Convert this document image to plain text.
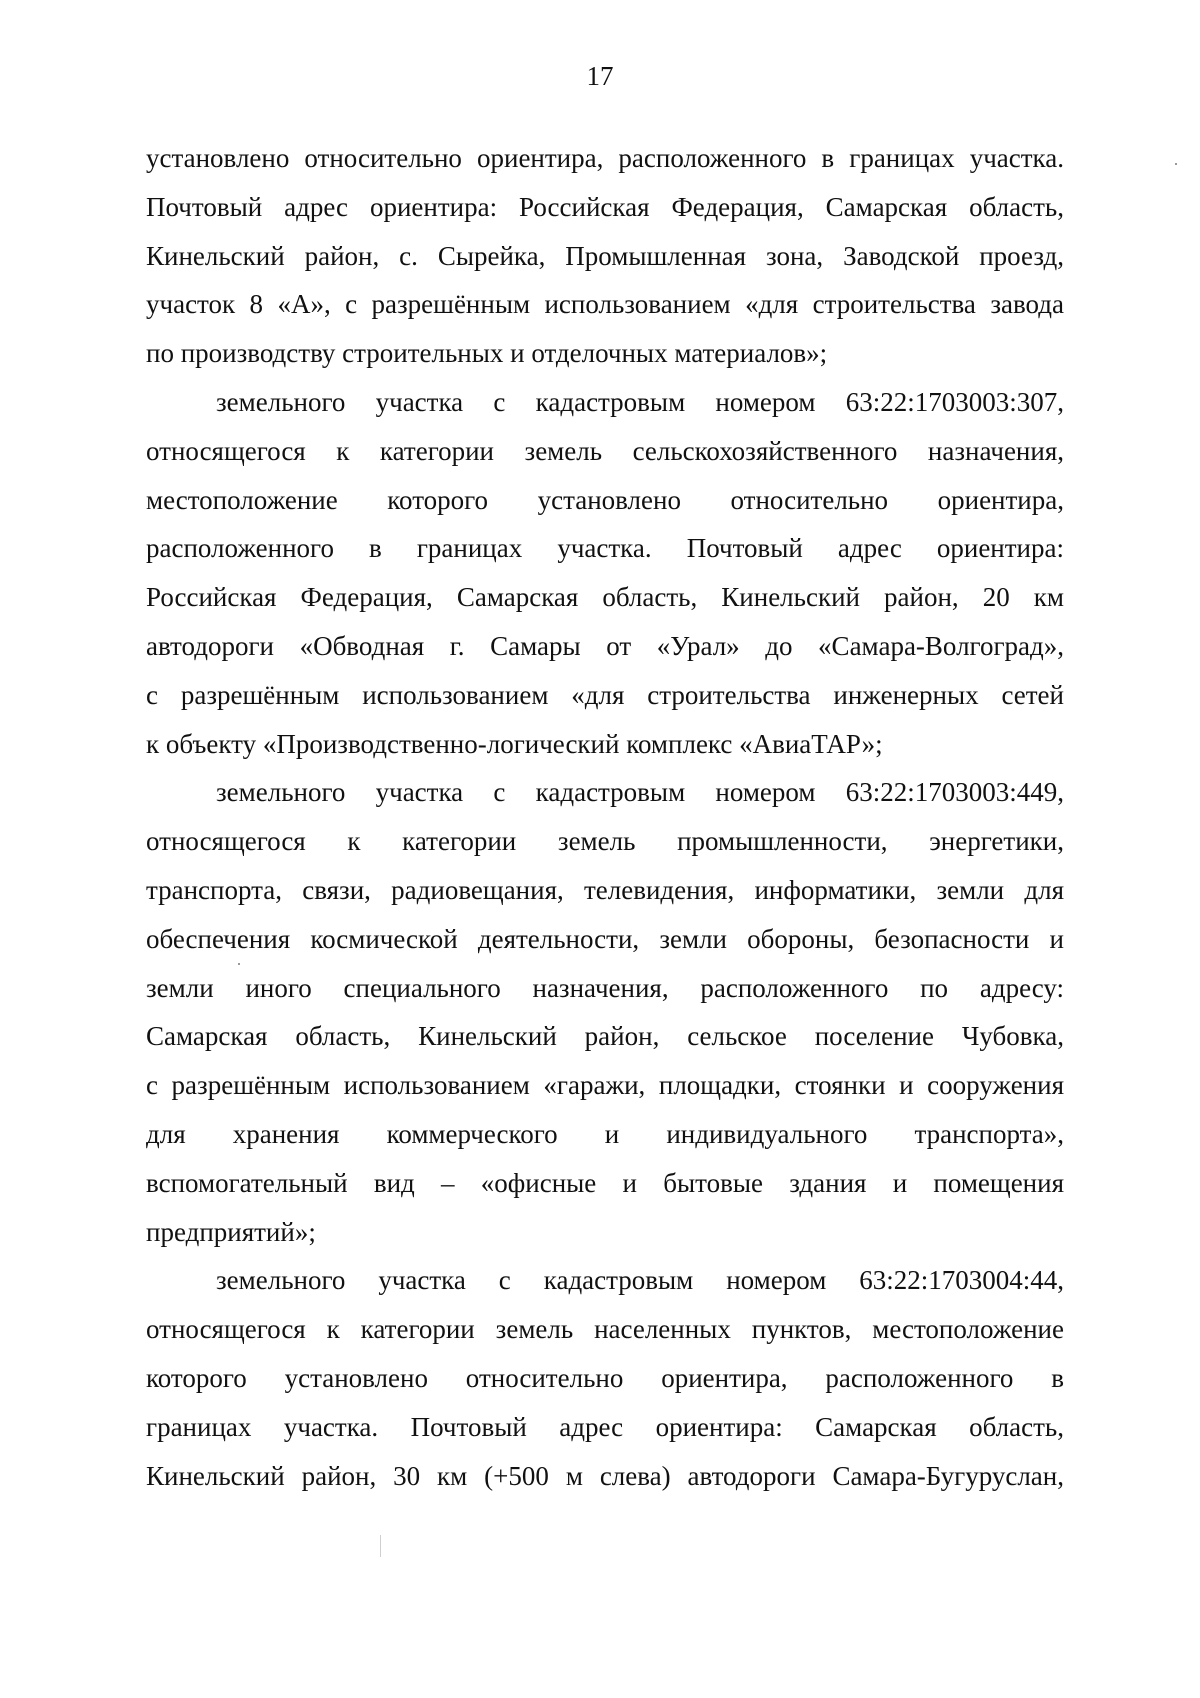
17
установлено относительно ориентира, расположенного в границах участка.
Почтовый адрес ориентира: Российская Федерация, Самарская область,
Кинельский район, с. Сырейка, Промышленная зона, Заводской проезд,
участок 8 «А», с разрешённым использованием «для строительства завода
по производству строительных и отделочных материалов»;
земельного участка с кадастровым номером 63:22:1703003:307,
относящегося к категории земель сельскохозяйственного назначения,
местоположение которого установлено относительно ориентира,
расположенного в границах участка. Почтовый адрес ориентира:
Российская Федерация, Самарская область, Кинельский район, 20 км
автодороги «Обводная г. Самары от «Урал» до «Самара-Волгоград»,
с разрешённым использованием «для строительства инженерных сетей
к объекту «Производственно-логический комплекс «АвиаТАР»;
земельного участка с кадастровым номером 63:22:1703003:449,
относящегося к категории земель промышленности, энергетики,
транспорта, связи, радиовещания, телевидения, информатики, земли для
обеспечения космической деятельности, земли обороны, безопасности и
земли иного специального назначения, расположенного по адресу:
Самарская область, Кинельский район, сельское поселение Чубовка,
с разрешённым использованием «гаражи, площадки, стоянки и сооружения
для хранения коммерческого и индивидуального транспорта»,
вспомогательный вид – «офисные и бытовые здания и помещения
предприятий»;
земельного участка с кадастровым номером 63:22:1703004:44,
относящегося к категории земель населенных пунктов, местоположение
которого установлено относительно ориентира, расположенного в
границах участка. Почтовый адрес ориентира: Самарская область,
Кинельский район, 30 км (+500 м слева) автодороги Самара-Бугуруслан,
